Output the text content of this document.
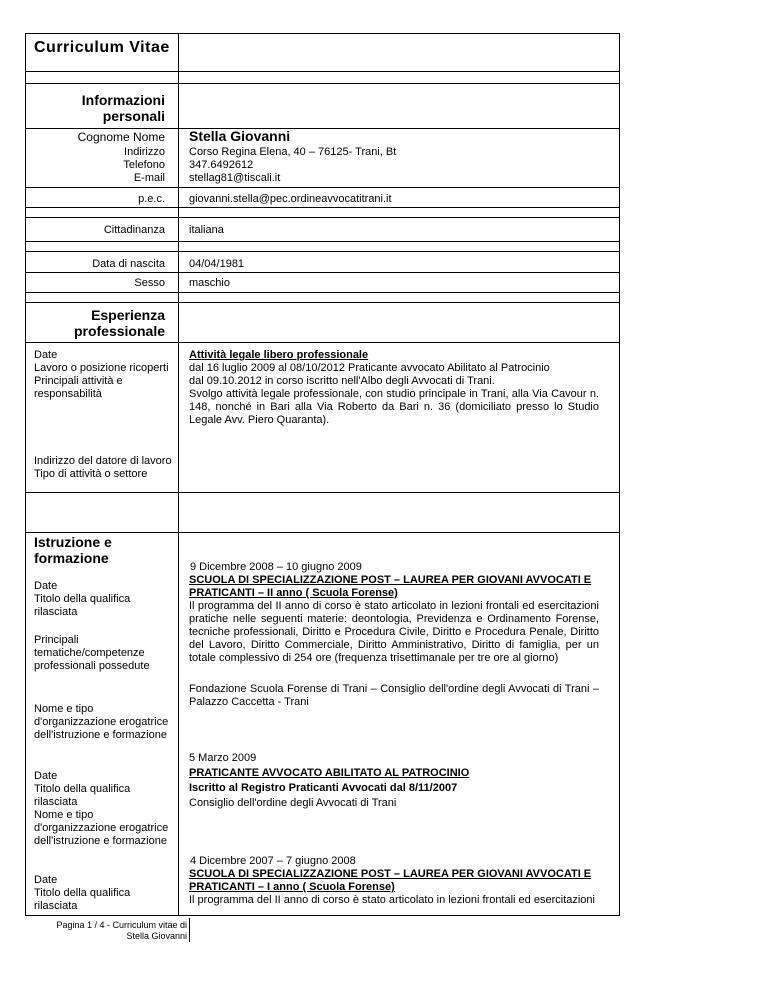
Curriculum Vitae
Informazioni
personali
Cognome Nome Stella Giovanni
Indirizzo Corso Regina Elena, 40 – 76125- Trani, Bt
Telefono 347.6492612
E-mail stellag81@tiscali.it
p.e.c. giovanni.stella@pec.ordineavvocatitrani.it
Cittadinanza italiana
Data di nascita 04/04/1981
Sesso maschio
Esperienza
professionale
Date
Lavoro o posizione ricoperti
Principali attività e
responsabilità
Attività legale libero professionale
dal 16 luglio 2009 al 08/10/2012 Praticante avvocato Abilitato al Patrocinio
dal 09.10.2012 in corso iscritto nell'Albo degli Avvocati di Trani.
Svolgo attività legale professionale, con studio principale in Trani, alla Via Cavour n. 148, nonché in Bari alla Via Roberto da Bari n. 36 (domiciliato presso lo Studio Legale Avv. Piero Quaranta).
Indirizzo del datore di lavoro
Tipo di attività o settore
Istruzione e
formazione
Date
Titolo della qualifica
rilasciata
Principali
tematiche/competenze
professionali possedute
Nome e tipo
d'organizzazione erogatrice
dell'istruzione e formazione
9 Dicembre 2008 – 10 giugno 2009
SCUOLA DI SPECIALIZZAZIONE POST – LAUREA PER GIOVANI AVVOCATI E
PRATICANTI – II anno ( Scuola Forense)
Il programma del II anno di corso è stato articolato in lezioni frontali ed esercitazioni pratiche nelle seguenti materie: deontologia, Previdenza e Ordinamento Forense, tecniche professionali, Diritto e Procedura Civile, Diritto e Procedura Penale, Diritto del Lavoro, Diritto Commerciale, Diritto Amministrativo, Diritto di famiglia, per un totale complessivo di 254 ore (frequenza trisettimanale per tre ore al giorno)
Fondazione Scuola Forense di Trani – Consiglio dell'ordine degli Avvocati di Trani – Palazzo Caccetta - Trani
Date
Titolo della qualifica
rilasciata
Nome e tipo
d'organizzazione erogatrice
dell'istruzione e formazione
5 Marzo 2009
PRATICANTE AVVOCATO ABILITATO AL PATROCINIO
Iscritto al Registro Praticanti Avvocati dal 8/11/2007
Consiglio dell'ordine degli Avvocati di Trani
Date
Titolo della qualifica
rilasciata
4 Dicembre 2007 – 7 giugno 2008
SCUOLA DI SPECIALIZZAZIONE POST – LAUREA PER GIOVANI AVVOCATI E
PRATICANTI – I anno ( Scuola Forense)
Il programma del II anno di corso è stato articolato in lezioni frontali ed esercitazioni
Pagina 1 / 4 - Curriculum vitae di
Stella Giovanni
